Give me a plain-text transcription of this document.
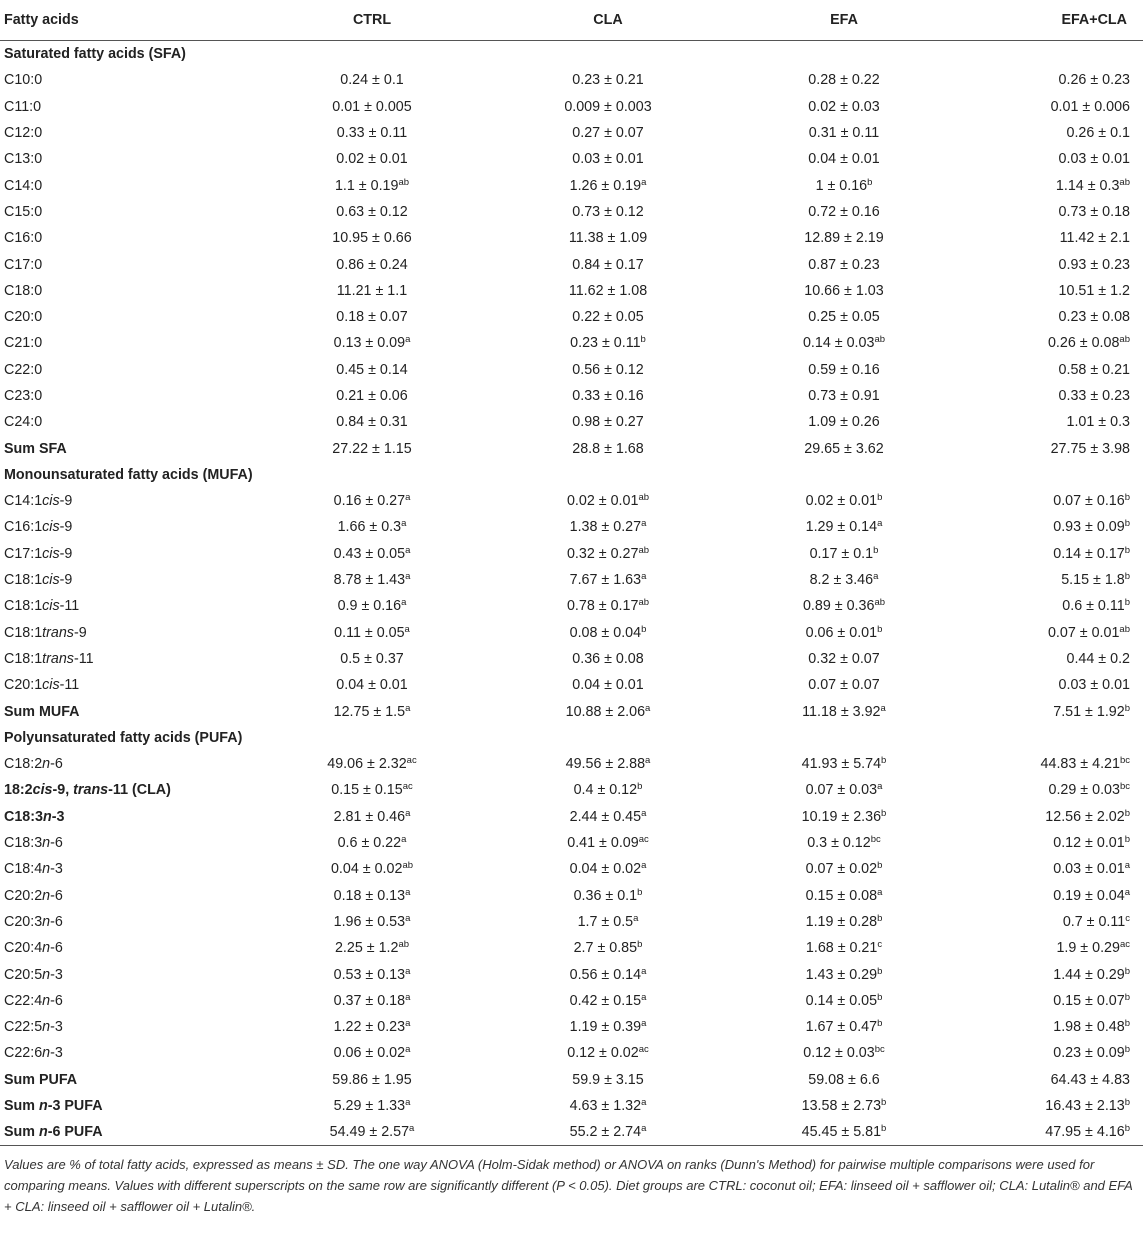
Fatty acids	CTRL	CLA	EFA	EFA+CLA
Saturated fatty acids (SFA)				
C10:0	0.24 ± 0.1	0.23 ± 0.21	0.28 ± 0.22	0.26 ± 0.23
C11:0	0.01 ± 0.005	0.009 ± 0.003	0.02 ± 0.03	0.01 ± 0.006
C12:0	0.33 ± 0.11	0.27 ± 0.07	0.31 ± 0.11	0.26 ± 0.1
C13:0	0.02 ± 0.01	0.03 ± 0.01	0.04 ± 0.01	0.03 ± 0.01
C14:0	1.1 ± 0.19$^{ab}$	1.26 ± 0.19$^a$	1 ± 0.16$^b$	1.14 ± 0.3$^{ab}$
C15:0	0.63 ± 0.12	0.73 ± 0.12	0.72 ± 0.16	0.73 ± 0.18
C16:0	10.95 ± 0.66	11.38 ± 1.09	12.89 ± 2.19	11.42 ± 2.1
C17:0	0.86 ± 0.24	0.84 ± 0.17	0.87 ± 0.23	0.93 ± 0.23
C18:0	11.21 ± 1.1	11.62 ± 1.08	10.66 ± 1.03	10.51 ± 1.2
C20:0	0.18 ± 0.07	0.22 ± 0.05	0.25 ± 0.05	0.23 ± 0.08
C21:0	0.13 ± 0.09$^a$	0.23 ± 0.11$^b$	0.14 ± 0.03$^{ab}$	0.26 ± 0.08$^{ab}$
C22:0	0.45 ± 0.14	0.56 ± 0.12	0.59 ± 0.16	0.58 ± 0.21
C23:0	0.21 ± 0.06	0.33 ± 0.16	0.73 ± 0.91	0.33 ± 0.23
C24:0	0.84 ± 0.31	0.98 ± 0.27	1.09 ± 0.26	1.01 ± 0.3
Sum SFA	27.22 ± 1.15	28.8 ± 1.68	29.65 ± 3.62	27.75 ± 3.98
Monounsaturated fatty acids (MUFA)				
C14:1cis-9	0.16 ± 0.27$^a$	0.02 ± 0.01$^{ab}$	0.02 ± 0.01$^b$	0.07 ± 0.16$^b$
C16:1cis-9	1.66 ± 0.3$^a$	1.38 ± 0.27$^a$	1.29 ± 0.14$^a$	0.93 ± 0.09$^b$
C17:1cis-9	0.43 ± 0.05$^a$	0.32 ± 0.27$^{ab}$	0.17 ± 0.1$^b$	0.14 ± 0.17$^b$
C18:1cis-9	8.78 ± 1.43$^a$	7.67 ± 1.63$^a$	8.2 ± 3.46$^a$	5.15 ± 1.8$^b$
C18:1cis-11	0.9 ± 0.16$^a$	0.78 ± 0.17$^{ab}$	0.89 ± 0.36$^{ab}$	0.6 ± 0.11$^b$
C18:1trans-9	0.11 ± 0.05$^a$	0.08 ± 0.04$^b$	0.06 ± 0.01$^b$	0.07 ± 0.01$^{ab}$
C18:1trans-11	0.5 ± 0.37	0.36 ± 0.08	0.32 ± 0.07	0.44 ± 0.2
C20:1cis-11	0.04 ± 0.01	0.04 ± 0.01	0.07 ± 0.07	0.03 ± 0.01
Sum MUFA	12.75 ± 1.5$^a$	10.88 ± 2.06$^a$	11.18 ± 3.92$^a$	7.51 ± 1.92$^b$
Polyunsaturated fatty acids (PUFA)				
C18:2n-6	49.06 ± 2.32$^{ac}$	49.56 ± 2.88$^a$	41.93 ± 5.74$^b$	44.83 ± 4.21$^{bc}$
18:2cis-9, trans-11 (CLA)	0.15 ± 0.15$^{ac}$	0.4 ± 0.12$^b$	0.07 ± 0.03$^a$	0.29 ± 0.03$^{bc}$
C18:3n-3	2.81 ± 0.46$^a$	2.44 ± 0.45$^a$	10.19 ± 2.36$^b$	12.56 ± 2.02$^b$
C18:3n-6	0.6 ± 0.22$^a$	0.41 ± 0.09$^{ac}$	0.3 ± 0.12$^{bc}$	0.12 ± 0.01$^b$
C18:4n-3	0.04 ± 0.02$^{ab}$	0.04 ± 0.02$^a$	0.07 ± 0.02$^b$	0.03 ± 0.01$^a$
C20:2n-6	0.18 ± 0.13$^a$	0.36 ± 0.1$^b$	0.15 ± 0.08$^a$	0.19 ± 0.04$^a$
C20:3n-6	1.96 ± 0.53$^a$	1.7 ± 0.5$^a$	1.19 ± 0.28$^b$	0.7 ± 0.11$^c$
C20:4n-6	2.25 ± 1.2$^{ab}$	2.7 ± 0.85$^b$	1.68 ± 0.21$^c$	1.9 ± 0.29$^{ac}$
C20:5n-3	0.53 ± 0.13$^a$	0.56 ± 0.14$^a$	1.43 ± 0.29$^b$	1.44 ± 0.29$^b$
C22:4n-6	0.37 ± 0.18$^a$	0.42 ± 0.15$^a$	0.14 ± 0.05$^b$	0.15 ± 0.07$^b$
C22:5n-3	1.22 ± 0.23$^a$	1.19 ± 0.39$^a$	1.67 ± 0.47$^b$	1.98 ± 0.48$^b$
C22:6n-3	0.06 ± 0.02$^a$	0.12 ± 0.02$^{ac}$	0.12 ± 0.03$^{bc}$	0.23 ± 0.09$^b$
Sum PUFA	59.86 ± 1.95	59.9 ± 3.15	59.08 ± 6.6	64.43 ± 4.83
Sum n-3 PUFA	5.29 ± 1.33$^a$	4.63 ± 1.32$^a$	13.58 ± 2.73$^b$	16.43 ± 2.13$^b$
Sum n-6 PUFA	54.49 ± 2.57$^a$	55.2 ± 2.74$^a$	45.45 ± 5.81$^b$	47.95 ± 4.16$^b$
Values are % of total fatty acids, expressed as means ± SD. The one way ANOVA (Holm-Sidak method) or ANOVA on ranks (Dunn's Method) for pairwise multiple comparisons were used for comparing means. Values with different superscripts on the same row are significantly different (P < 0.05). Diet groups are CTRL: coconut oil; EFA: linseed oil + safflower oil; CLA: Lutalin® and EFA + CLA: linseed oil + safflower oil + Lutalin®.
